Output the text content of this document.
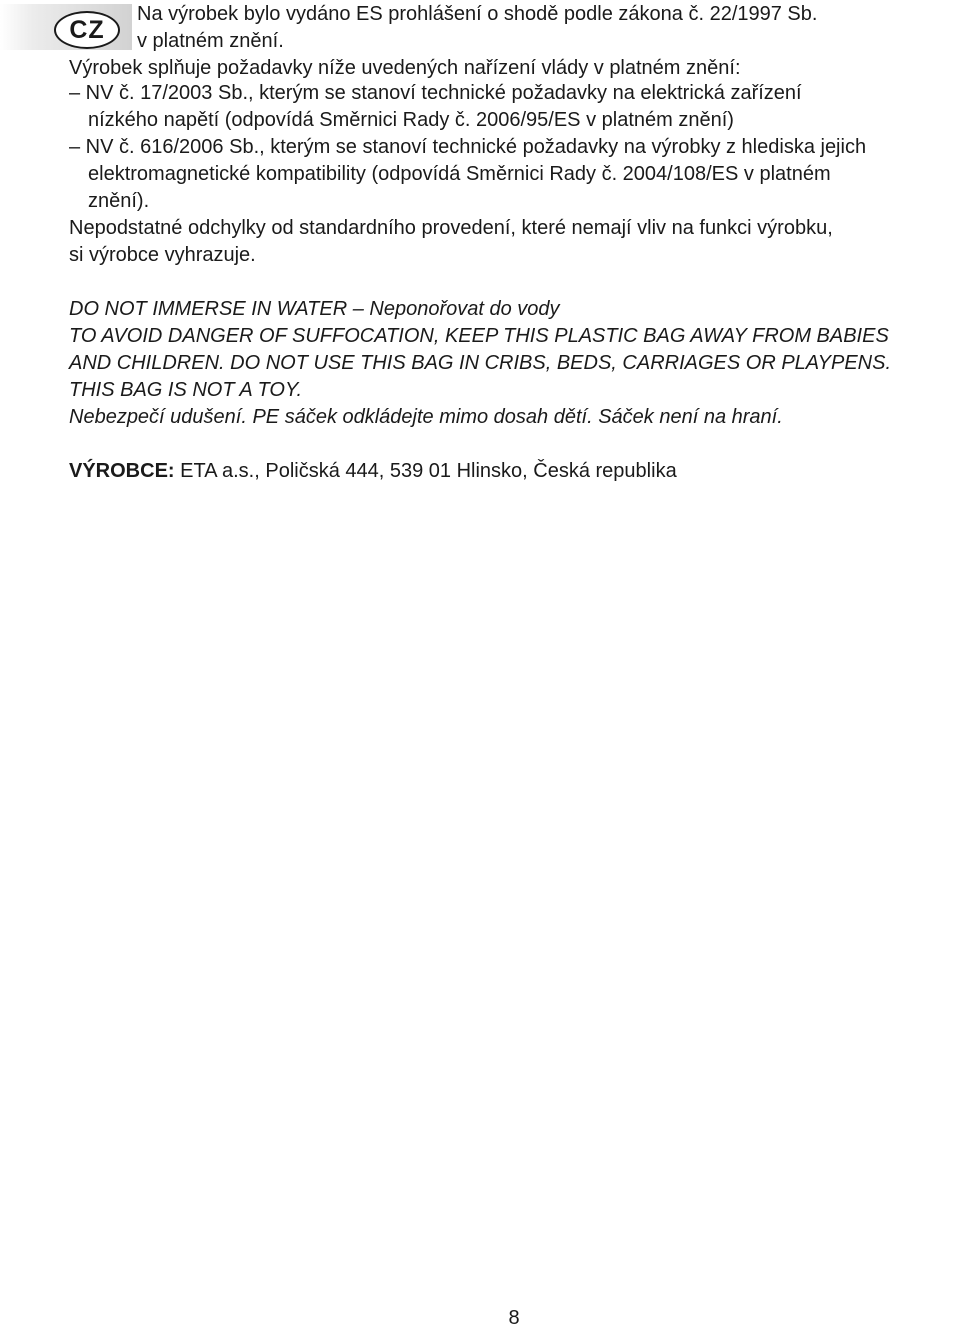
CZ
Na výrobek bylo vydáno ES prohlášení o shodě podle zákona č. 22/1997 Sb.
v platném znění.
Výrobek splňuje požadavky níže uvedených nařízení vlády v platném znění:
– NV č. 17/2003 Sb., kterým se stanoví technické požadavky na elektrická zařízení
nízkého napětí (odpovídá Směrnici Rady č. 2006/95/ES v platném znění)
– NV č. 616/2006 Sb., kterým se stanoví technické požadavky na výrobky z hlediska jejich
elektromagnetické kompatibility (odpovídá Směrnici Rady č. 2004/108/ES v platném
znění).
Nepodstatné odchylky od standardního provedení, které nemají vliv na funkci výrobku,
si výrobce vyhrazuje.
DO NOT IMMERSE IN WATER – Neponořovat do vody
TO AVOID DANGER OF SUFFOCATION, KEEP THIS PLASTIC BAG AWAY FROM BABIES
AND CHILDREN. DO NOT USE THIS BAG IN CRIBS, BEDS, CARRIAGES OR PLAYPENS.
THIS BAG IS NOT A TOY.
Nebezpečí udušení. PE sáček odkládejte mimo dosah dětí. Sáček není na hraní.
VÝROBCE: ETA a.s., Poličská 444, 539 01 Hlinsko, Česká republika
8
